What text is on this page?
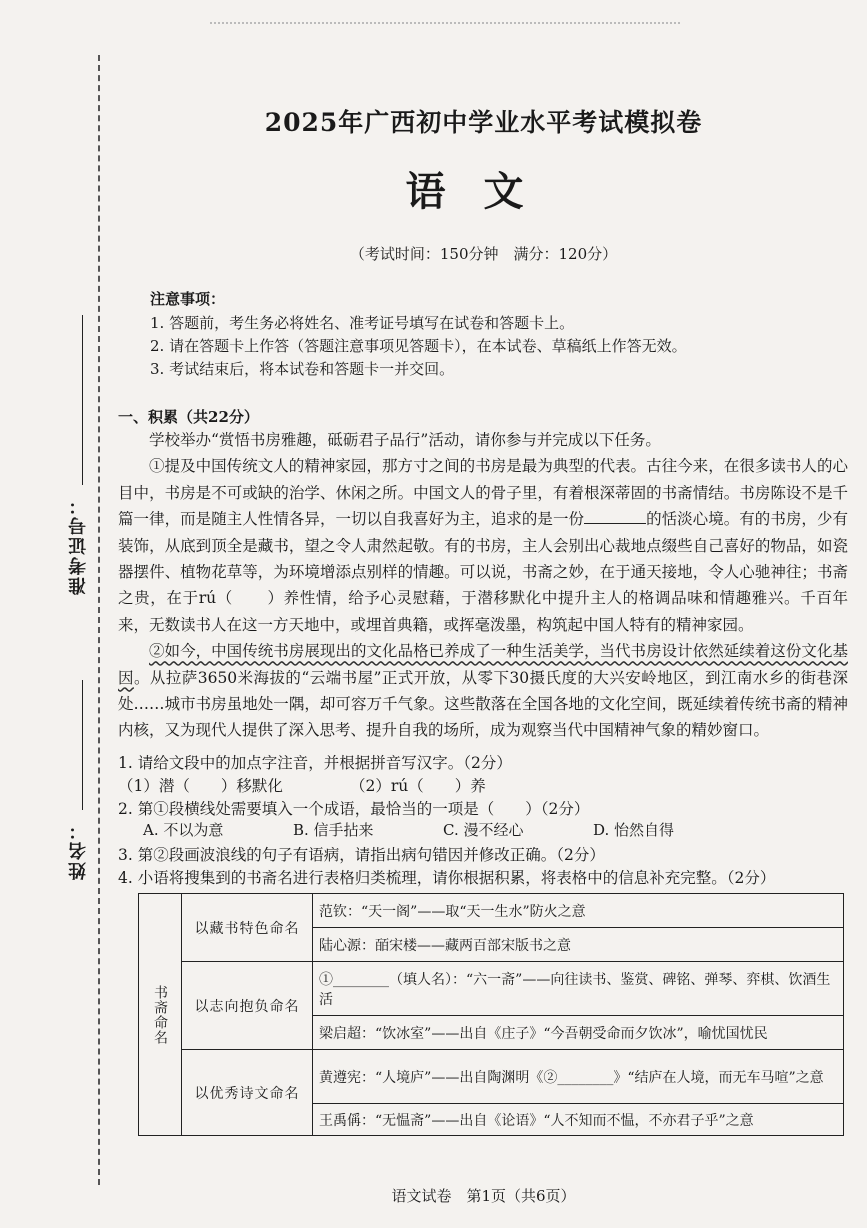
准考证号：
姓名：
2025年广西初中学业水平考试模拟卷
语文
（考试时间：150分钟　满分：120分）
注意事项：
1. 答题前，考生务必将姓名、准考证号填写在试卷和答题卡上。
2. 请在答题卡上作答（答题注意事项见答题卡），在本试卷、草稿纸上作答无效。
3. 考试结束后，将本试卷和答题卡一并交回。
一、积累（共22分）

学校举办“赏悟书房雅趣，砥砺君子品行”活动，请你参与并完成以下任务。

①提及中国传统文人的精神家园，那方寸之间的书房是最为典型的代表。古往今来，在很多读书人的心目中，书房是不可或缺的治学、休闲之所。中国文人的骨子里，有着根深蒂固的书斋情结。书房陈设不是千篇一律，而是随主人性情各异，一切以自我喜好为主，追求的是一份	的恬淡心境。有的书房，少有装饰，从底到顶全是藏书，望之令人肃然起敬。有的书房，主人会别出心裁地点缀些自己喜好的物品，如瓷器摆件、植物花草等，为环境增添点别样的情趣。可以说，书斋之妙，在于通天接地，令人心驰神往；书斋之贵，在于rú（ ）养性情，给予心灵慰藉，于潜移默化中提升主人的格调品味和情趣雅兴。千百年来，无数读书人在这一方天地中，或埋首典籍，或挥毫泼墨，构筑起中国人特有的精神家园。

②如今，中国传统书房展现出的文化品格已养成了一种生活美学，当代书房设计依然延续着这份文化基因。从拉萨3650米海拔的“云端书屋”正式开放，从零下30摄氏度的大兴安岭地区，到江南水乡的街巷深处……城市书房虽地处一隅，却可容万千气象。这些散落在全国各地的文化空间，既延续着传统书斋的精神内核，又为现代人提供了深入思考、提升自我的场所，成为观察当代中国精神气象的精妙窗口。

1. 请给文段中的加点字注音，并根据拼音写汉字。（2分）
（1）潜（　　）移默化	（2）rú（　　）养
2. 第①段横线处需要填入一个成语，最恰当的一项是（　　）（2分）
A. 不以为意	B. 信手拈来	C. 漫不经心	D. 怡然自得
3. 第②段画波浪线的句子有语病，请指出病句错因并修改正确。（2分）
4. 小语将搜集到的书斋名进行表格归类梳理，请你根据积累，将表格中的信息补充完整。（2分）
书斋命名	以藏书特色命名	范钦：“天一阁”——取“天一生水”防火之意
		陆心源：皕宋楼——藏两百部宋版书之意
	以志向抱负命名	①________（填人名）：“六一斋”——向往读书、鉴赏、碑铭、弹琴、弈棋、饮酒生活
		梁启超：“饮冰室”——出自《庄子》“今吾朝受命而夕饮冰”，喻忧国忧民
	以优秀诗文命名	黄遵宪：“人境庐”——出自陶渊明《②________》“结庐在人境，而无车马喧”之意
		王禹偁：“无愠斋”——出自《论语》“人不知而不愠，不亦君子乎”之意
语文试卷　第1页（共6页）
